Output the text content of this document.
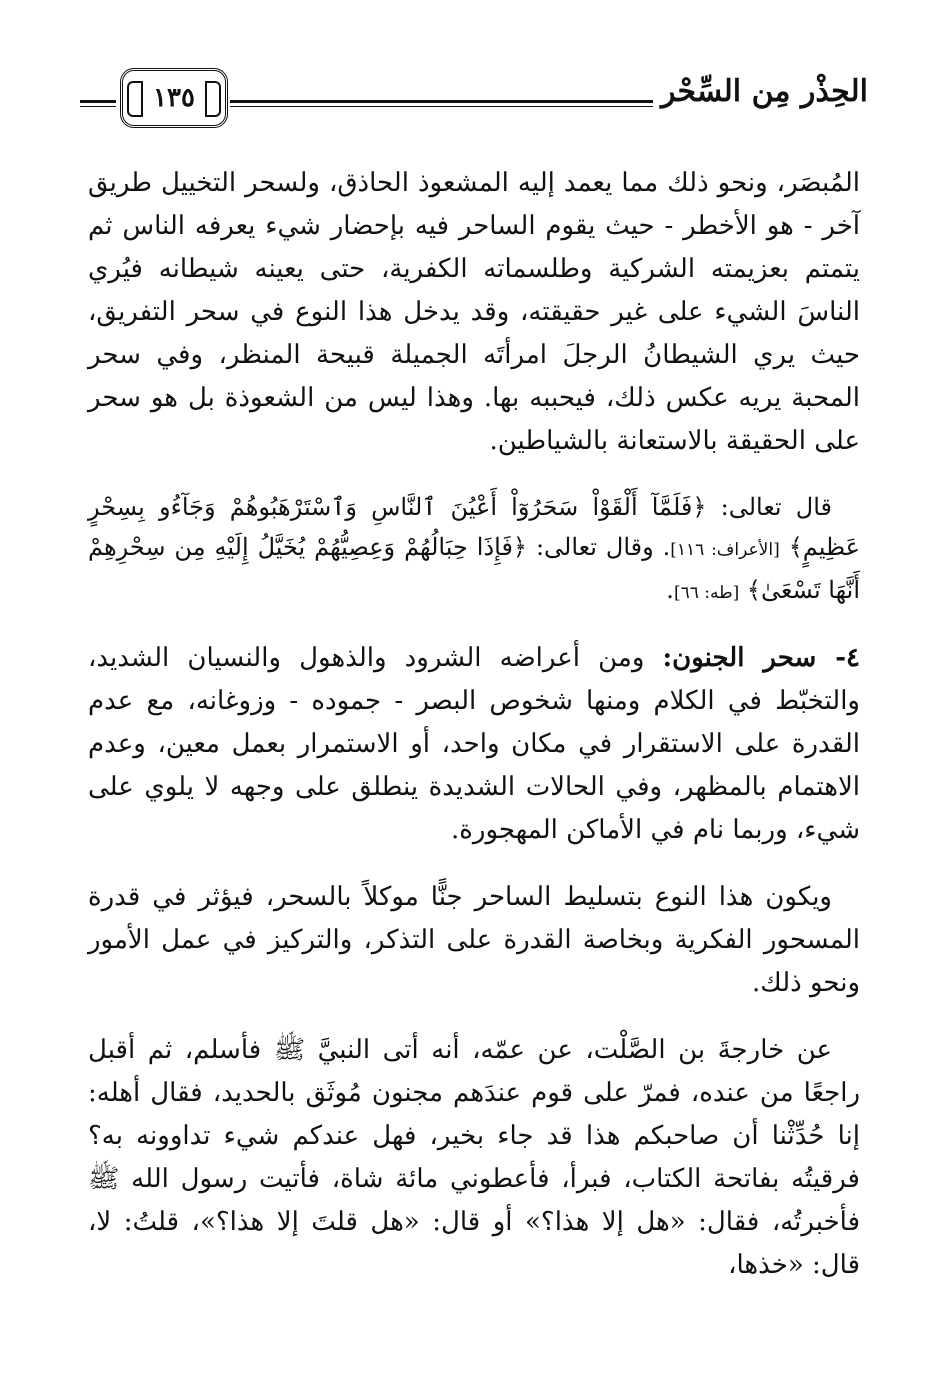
الحِذْر مِن السِّحْر
١٣٥

المُبصَر، ونحو ذلك مما يعمد إليه المشعوذ الحاذق، ولسحر التخييل طريق آخر - هو الأخطر - حيث يقوم الساحر فيه بإحضار شيء يعرفه الناس ثم يتمتم بعزيمته الشركية وطلسماته الكفرية، حتى يعينه شيطانه فيُري الناسَ الشيء على غير حقيقته، وقد يدخل هذا النوع في سحر التفريق، حيث يري الشيطانُ الرجلَ امرأتَه الجميلة قبيحة المنظر، وفي سحر المحبة يريه عكس ذلك، فيحببه بها. وهذا ليس من الشعوذة بل هو سحر على الحقيقة بالاستعانة بالشياطين.

قال تعالى: ﴿فَلَمَّآ أَلْقَوْاْ سَحَرُوٓاْ أَعْيُنَ ٱلنَّاسِ وَٱسْتَرْهَبُوهُمْ وَجَآءُو بِسِحْرٍ عَظِيمٍ﴾ [الأعراف: ١١٦]. وقال تعالى: ﴿فَإِذَا حِبَالُهُمْ وَعِصِيُّهُمْ يُخَيَّلُ إِلَيْهِ مِن سِحْرِهِمْ أَنَّهَا تَسْعَىٰ﴾ [طه: ٦٦].

٤- سحر الجنون: ومن أعراضه الشرود والذهول والنسيان الشديد، والتخبّط في الكلام ومنها شخوص البصر - جموده - وزوغانه، مع عدم القدرة على الاستقرار في مكان واحد، أو الاستمرار بعمل معين، وعدم الاهتمام بالمظهر، وفي الحالات الشديدة ينطلق على وجهه لا يلوي على شيء، وربما نام في الأماكن المهجورة.

ويكون هذا النوع بتسليط الساحر جنًّا موكلاً بالسحر، فيؤثر في قدرة المسحور الفكرية وبخاصة القدرة على التذكر، والتركيز في عمل الأمور ونحو ذلك.

عن خارجةَ بن الصَّلْت، عن عمّه، أنه أتى النبيَّ ﷺ فأسلم، ثم أقبل راجعًا من عنده، فمرّ على قوم عندَهم مجنون مُوثَق بالحديد، فقال أهله: إنا حُدِّثْنا أن صاحبكم هذا قد جاء بخير، فهل عندكم شيء تداوونه به؟ فرقيتُه بفاتحة الكتاب، فبرأ، فأعطوني مائة شاة، فأتيت رسول الله ﷺ فأخبرتُه، فقال: «هل إلا هذا؟» أو قال: «هل قلتَ إلا هذا؟»، قلتُ: لا، قال: «خذها،
